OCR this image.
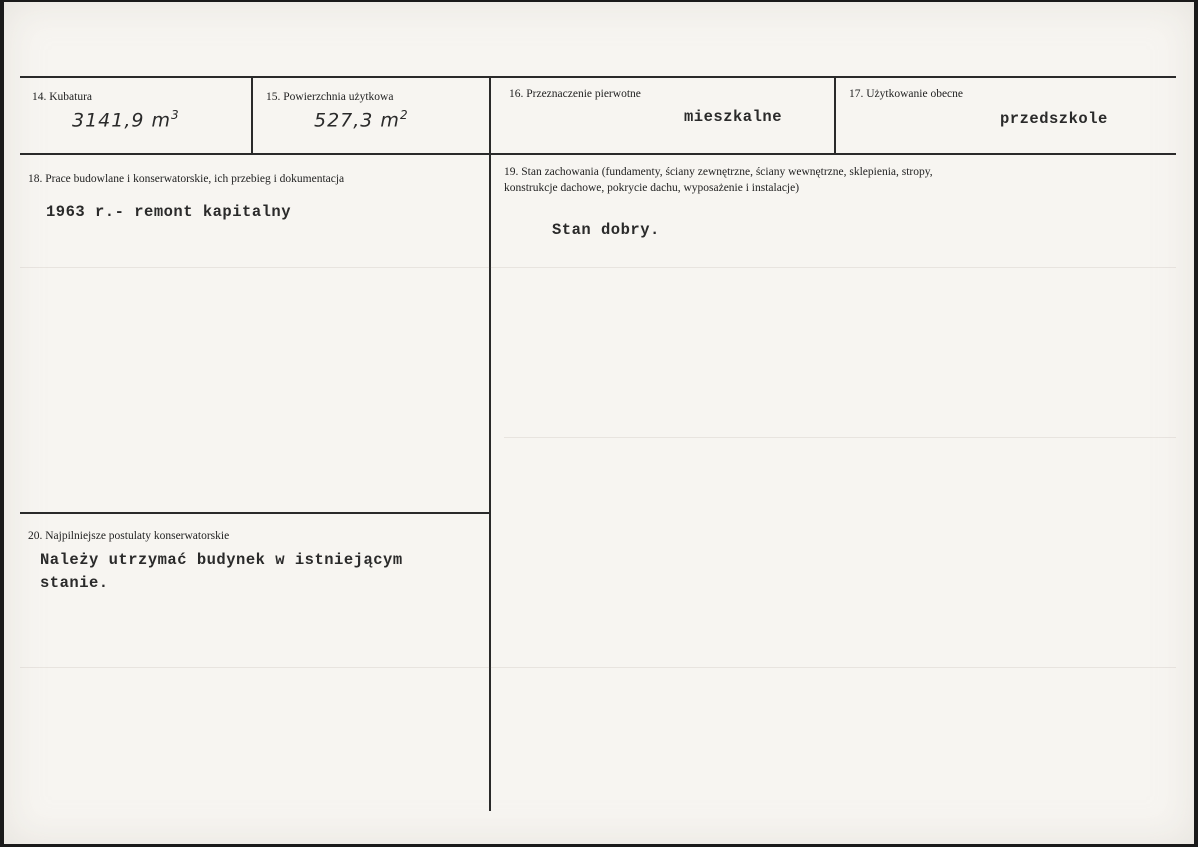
14. Kubatura
3141,9 $m^3$
15. Powierzchnia użytkowa
527,3 $m^2$
16. Przeznaczenie pierwotne
mieszkalne
17. Użytkowanie obecne
przedszkole
18. Prace budowlane i konserwatorskie, ich przebieg i dokumentacja
1963 r.- remont kapitalny
19. Stan zachowania (fundamenty, ściany zewnętrzne, ściany wewnętrzne, sklepienia, stropy,
konstrukcje dachowe, pokrycie dachu, wyposażenie i instalacje)
Stan dobry.
20. Najpilniejsze postulaty konserwatorskie
Należy utrzymać budynek w istniejącym
stanie.
